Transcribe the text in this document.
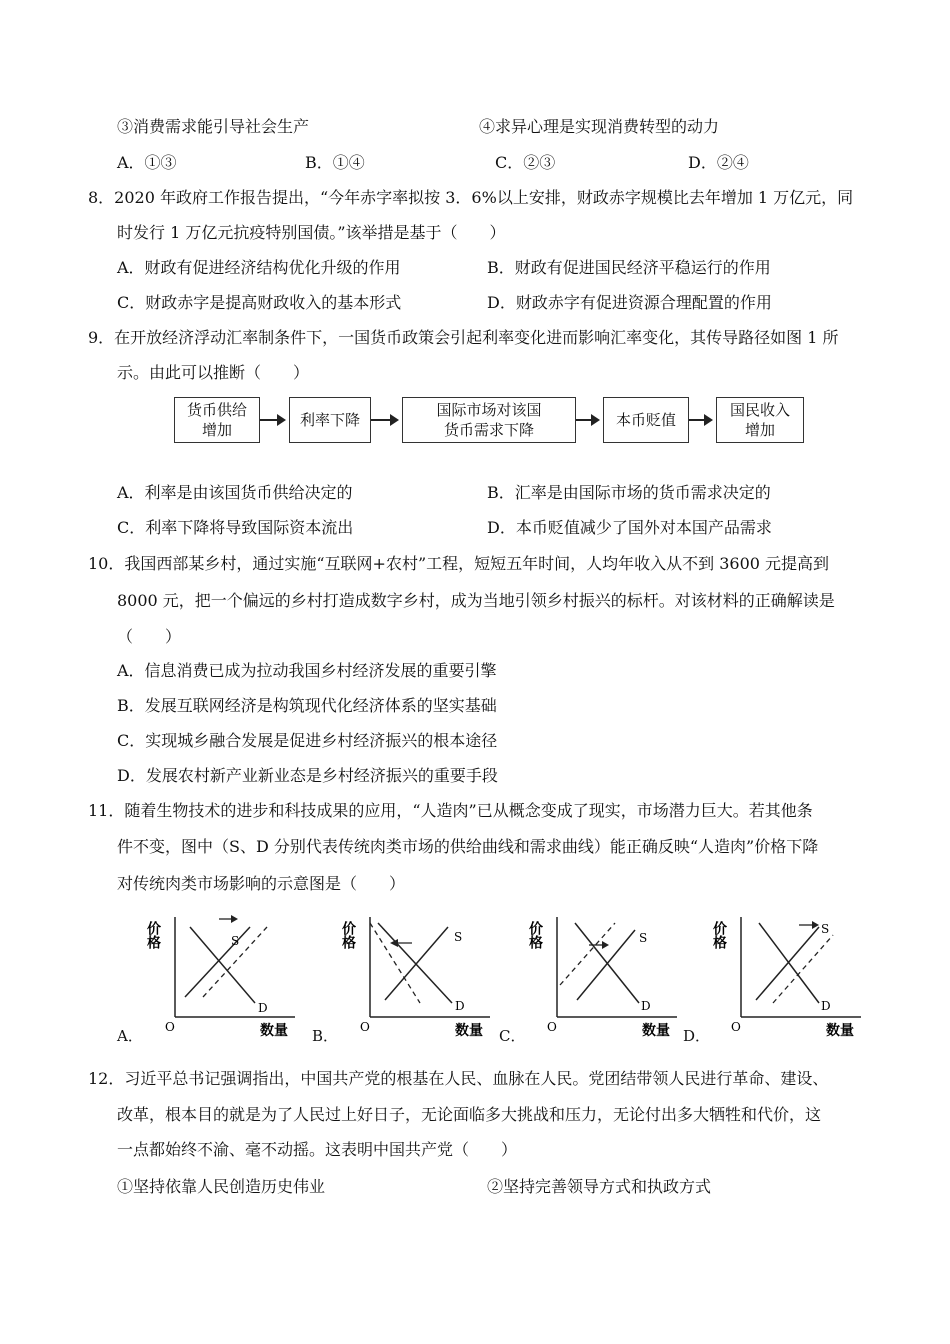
③消费需求能引导社会生产	④求异心理是实现消费转型的动力
A．①③	B．①④	C．②③	D．②④
8．2020 年政府工作报告提出，“今年赤字率拟按 3．6%以上安排，财政赤字规模比去年增加 1 万亿元，同
时发行 1 万亿元抗疫特别国债。”该举措是基于（　　）
A．财政有促进经济结构优化升级的作用	B．财政有促进国民经济平稳运行的作用
C．财政赤字是提高财政收入的基本形式	D．财政赤字有促进资源合理配置的作用
9．在开放经济浮动汇率制条件下，一国货币政策会引起利率变化进而影响汇率变化，其传导路径如图 1 所
示。由此可以推断（　　）
货币供给
增加
利率下降
国际市场对该国
货币需求下降
本币贬值
国民收入
增加
A．利率是由该国货币供给决定的	B．汇率是由国际市场的货币需求决定的
C．利率下降将导致国际资本流出	D．本币贬值减少了国外对本国产品需求
10．我国西部某乡村，通过实施“互联网+农村”工程，短短五年时间，人均年收入从不到 3600 元提高到
8000 元，把一个偏远的乡村打造成数字乡村，成为当地引领乡村振兴的标杆。对该材料的正确解读是
（　　）
A．信息消费已成为拉动我国乡村经济发展的重要引擎
B．发展互联网经济是构筑现代化经济体系的坚实基础
C．实现城乡融合发展是促进乡村经济振兴的根本途径
D．发展农村新产业新业态是乡村经济振兴的重要手段
11．随着生物技术的进步和科技成果的应用，“人造肉”已从概念变成了现实，市场潜力巨大。若其他条
件不变，图中（S、D 分别代表传统肉类市场的供给曲线和需求曲线）能正确反映“人造肉”价格下降
对传统肉类市场影响的示意图是（　　）
A．
价格
O	数量
S
D
B．
价格
O	数量
S
D
C．
价格
O	数量
S
D
D．
价格
O	数量
S
D
12．习近平总书记强调指出，中国共产党的根基在人民、血脉在人民。党团结带领人民进行革命、建设、
改革，根本目的就是为了人民过上好日子，无论面临多大挑战和压力，无论付出多大牺牲和代价，这
一点都始终不渝、毫不动摇。这表明中国共产党（　　）
①坚持依靠人民创造历史伟业	②坚持完善领导方式和执政方式
